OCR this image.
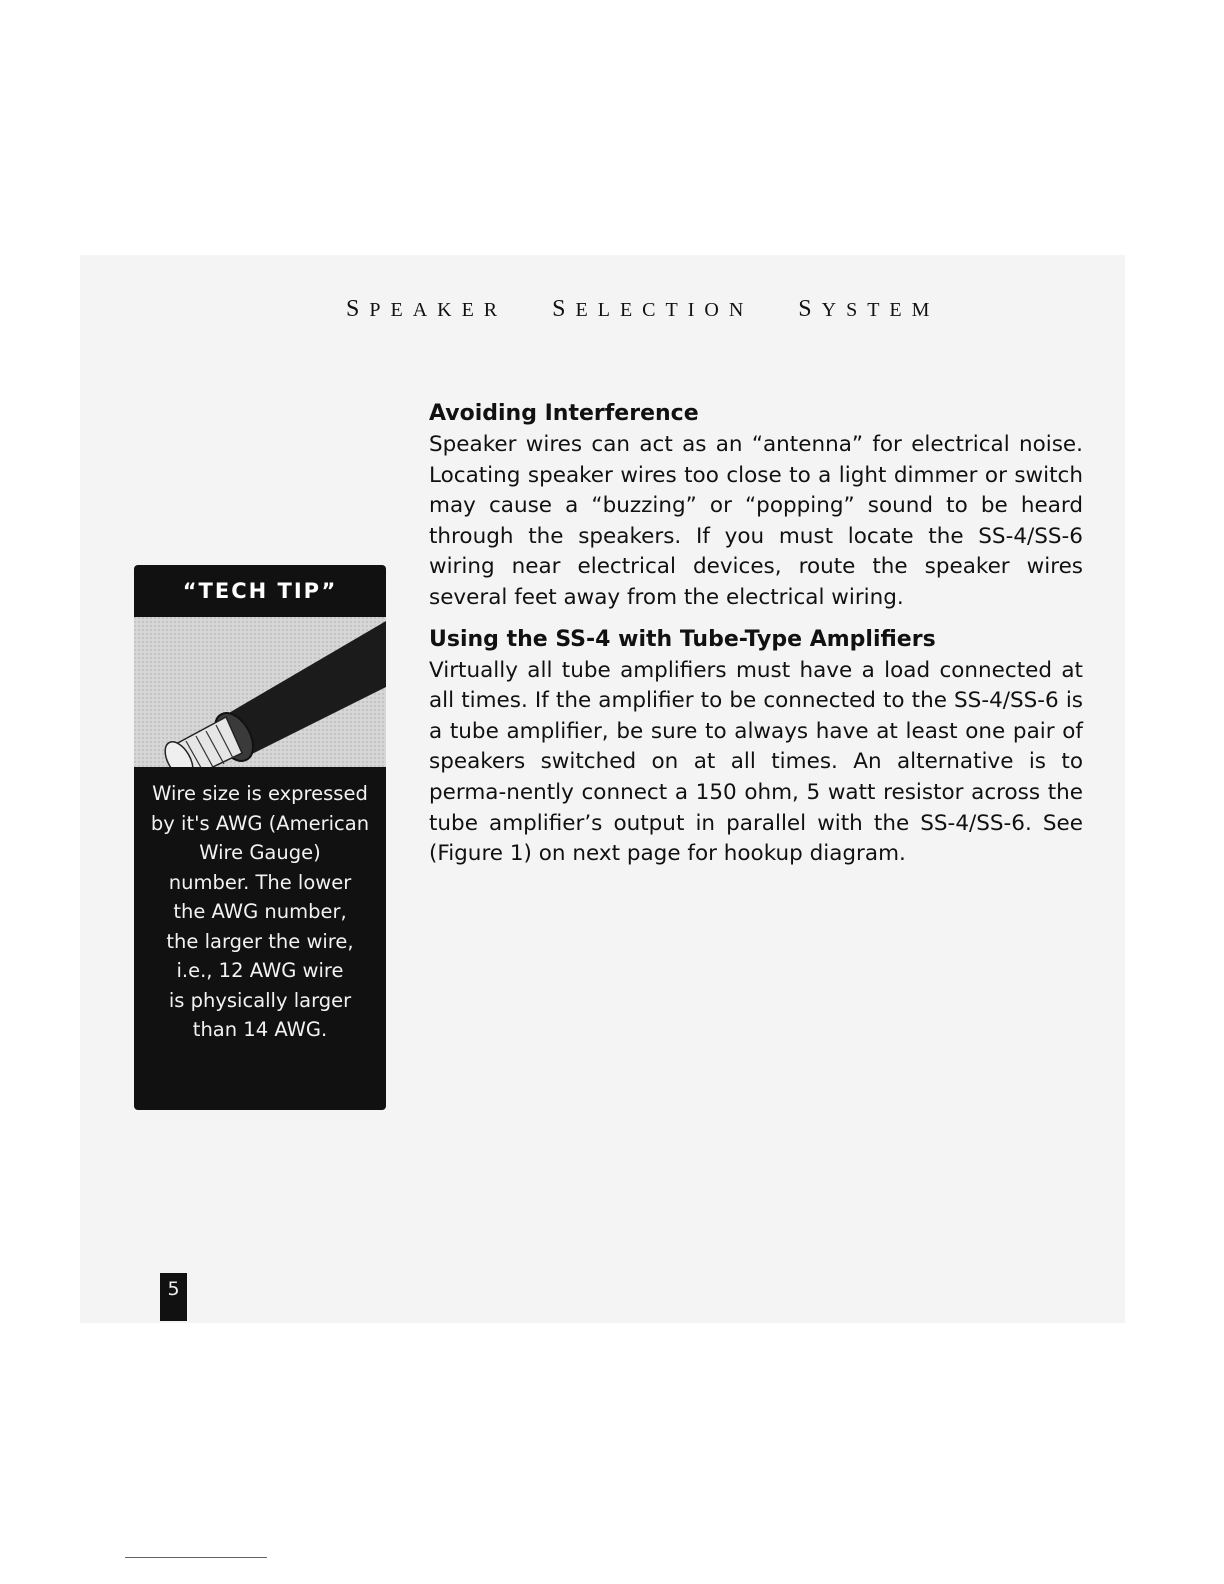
SPEAKER SELECTION SYSTEM
Avoiding Interference

Speaker wires can act as an “antenna” for electrical noise. Locating speaker wires too close to a light dimmer or switch may cause a “buzzing” or “popping” sound to be heard through the speakers. If you must locate the SS-4/SS-6 wiring near electrical devices, route the speaker wires several feet away from the electrical wiring.

Using the SS-4 with Tube-Type Amplifiers

Virtually all tube amplifiers must have a load connected at all times. If the amplifier to be connected to the SS-4/SS-6 is a tube amplifier, be sure to always have at least one pair of speakers switched on at all times. An alternative is to perma-nently connect a 150 ohm, 5 watt resistor across the tube amplifier’s output in parallel with the SS-4/SS-6. See (Figure 1) on next page for hookup diagram.

“TECH TIP”
Wire size is expressed
by it's AWG (American
Wire Gauge)
number. The lower
the AWG number,
the larger the wire,
i.e., 12 AWG wire
is physically larger
than 14 AWG.
5
